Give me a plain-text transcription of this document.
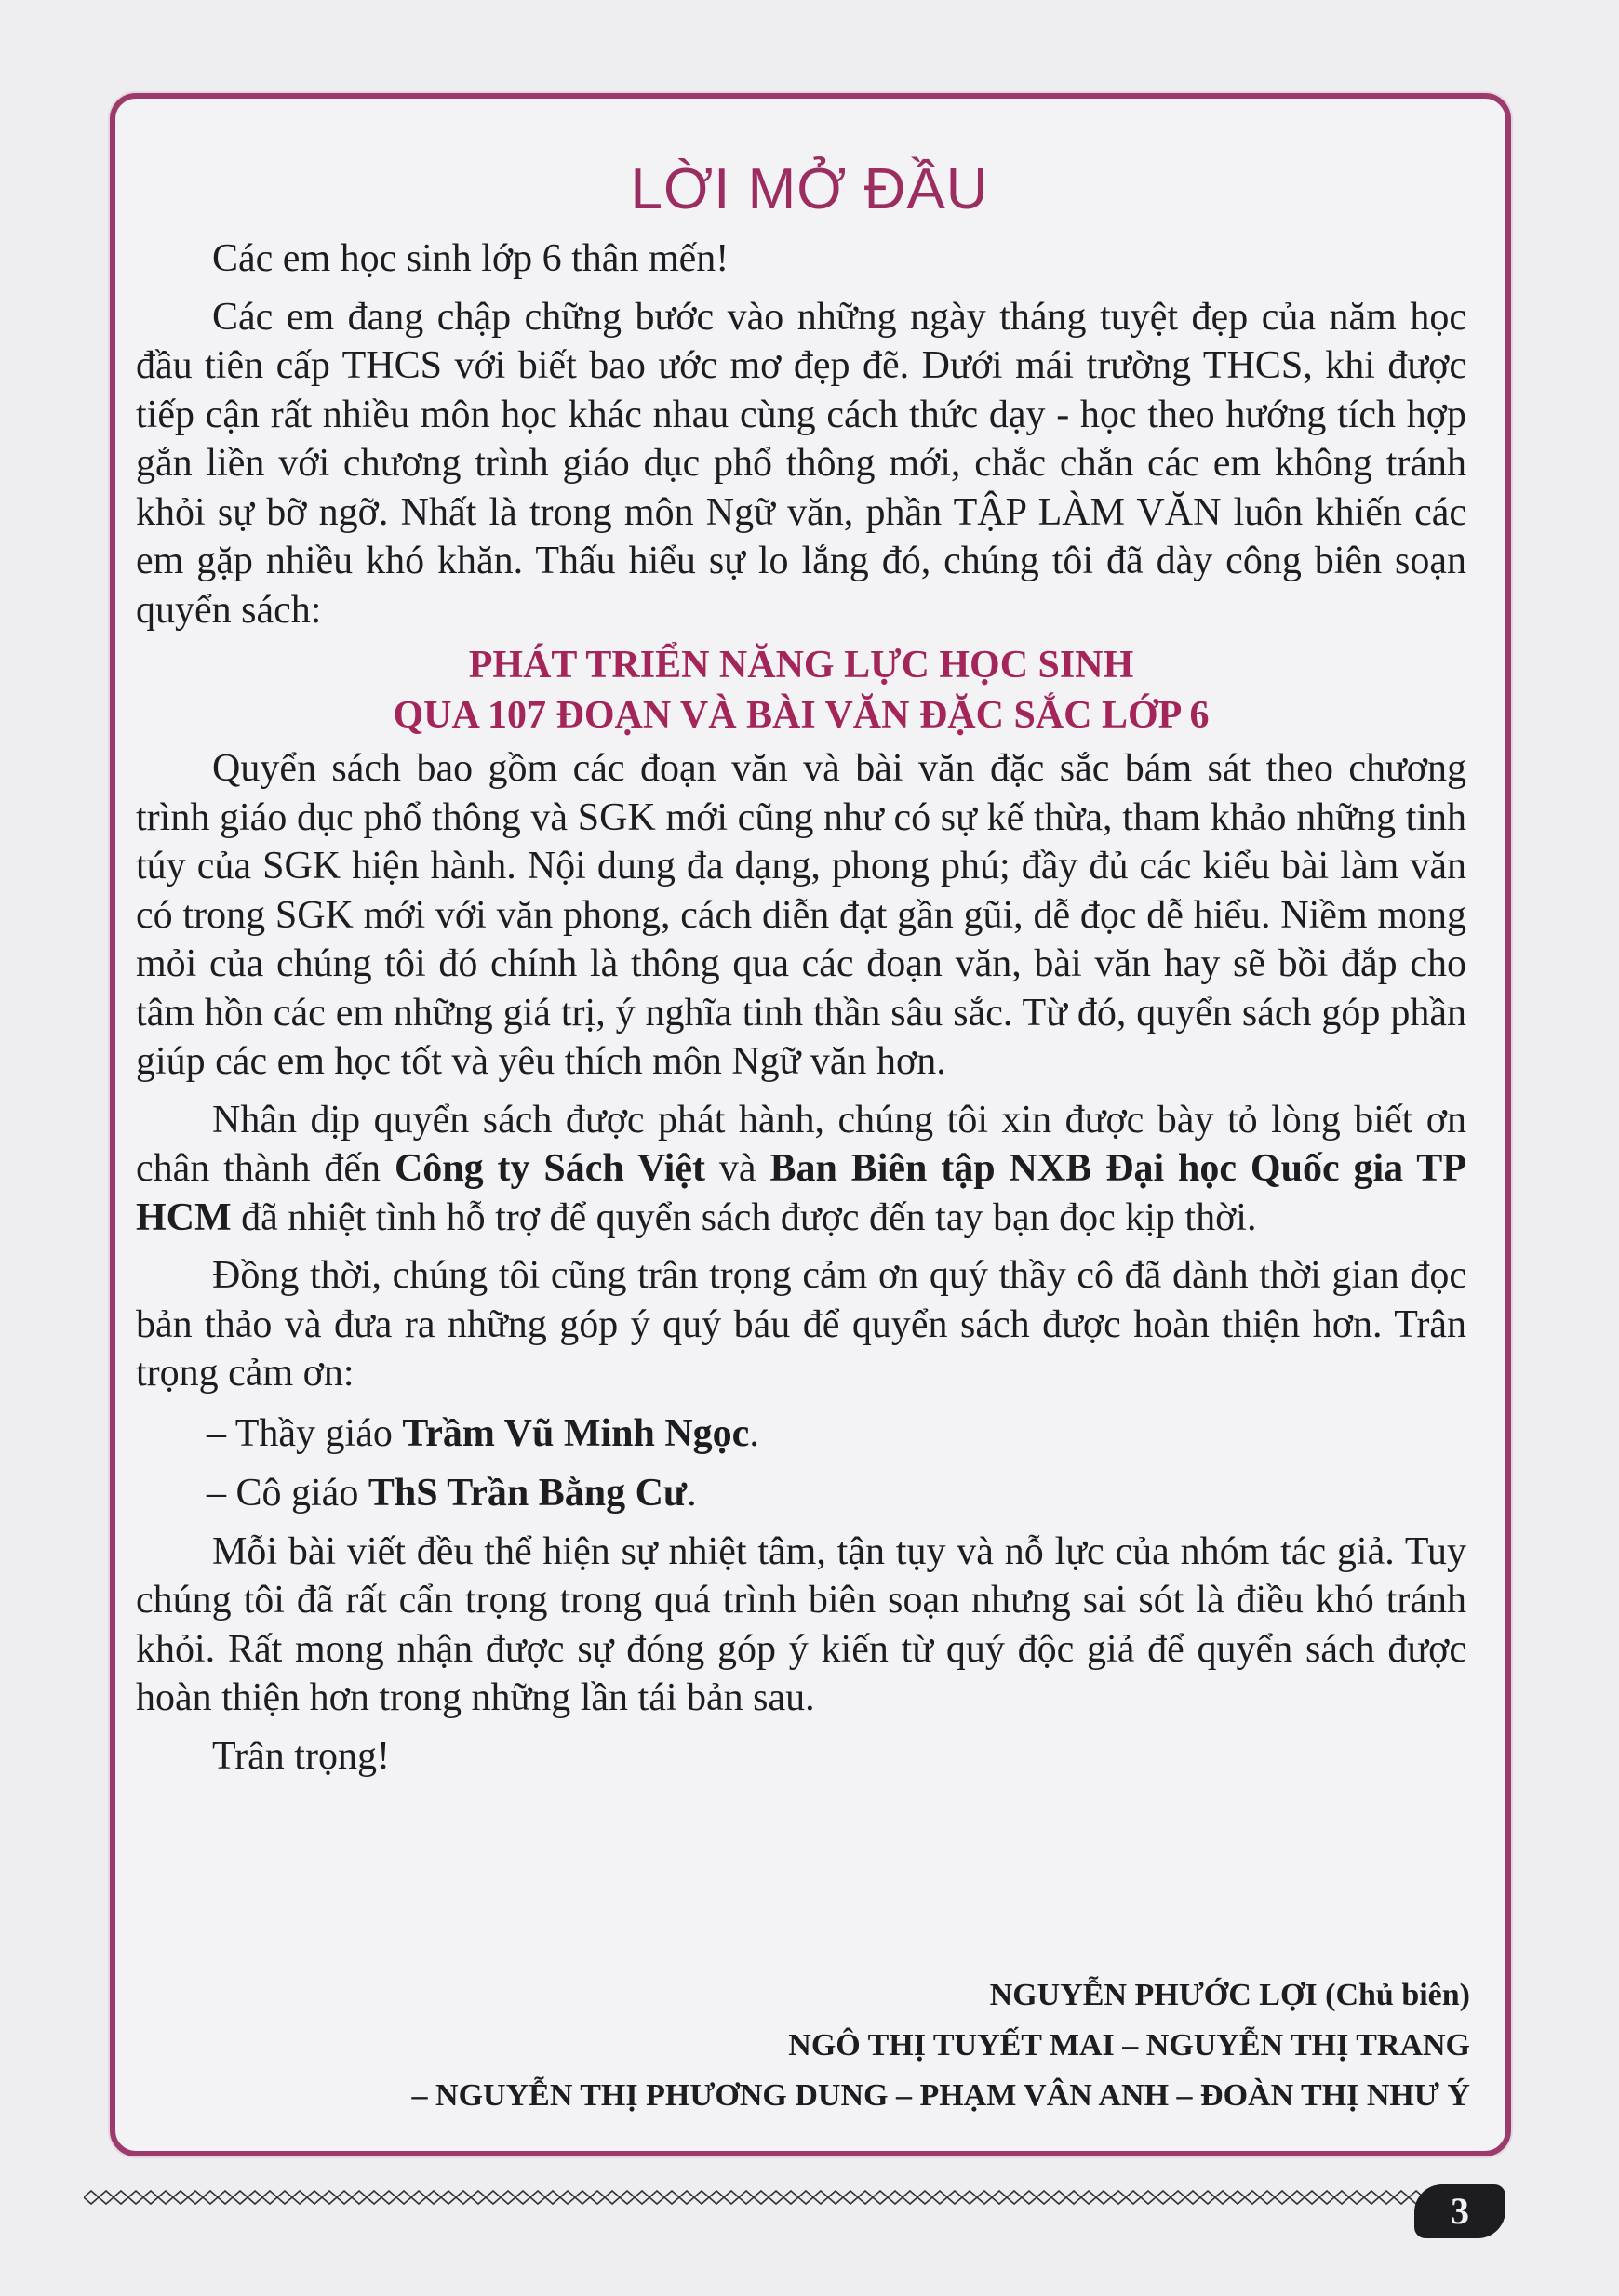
LỜI MỞ ĐẦU

Các em học sinh lớp 6 thân mến!

Các em đang chập chững bước vào những ngày tháng tuyệt đẹp của năm học đầu tiên cấp THCS với biết bao ước mơ đẹp đẽ. Dưới mái trường THCS, khi được tiếp cận rất nhiều môn học khác nhau cùng cách thức dạy - học theo hướng tích hợp gắn liền với chương trình giáo dục phổ thông mới, chắc chắn các em không tránh khỏi sự bỡ ngỡ. Nhất là trong môn Ngữ văn, phần TẬP LÀM VĂN luôn khiến các em gặp nhiều khó khăn. Thấu hiểu sự lo lắng đó, chúng tôi đã dày công biên soạn quyển sách:

PHÁT TRIỂN NĂNG LỰC HỌC SINH
QUA 107 ĐOẠN VÀ BÀI VĂN ĐẶC SẮC LỚP 6

Quyển sách bao gồm các đoạn văn và bài văn đặc sắc bám sát theo chương trình giáo dục phổ thông và SGK mới cũng như có sự kế thừa, tham khảo những tinh túy của SGK hiện hành. Nội dung đa dạng, phong phú; đầy đủ các kiểu bài làm văn có trong SGK mới với văn phong, cách diễn đạt gần gũi, dễ đọc dễ hiểu. Niềm mong mỏi của chúng tôi đó chính là thông qua các đoạn văn, bài văn hay sẽ bồi đắp cho tâm hồn các em những giá trị, ý nghĩa tinh thần sâu sắc. Từ đó, quyển sách góp phần giúp các em học tốt và yêu thích môn Ngữ văn hơn.

Nhân dịp quyển sách được phát hành, chúng tôi xin được bày tỏ lòng biết ơn chân thành đến Công ty Sách Việt và Ban Biên tập NXB Đại học Quốc gia TP HCM đã nhiệt tình hỗ trợ để quyển sách được đến tay bạn đọc kịp thời.

Đồng thời, chúng tôi cũng trân trọng cảm ơn quý thầy cô đã dành thời gian đọc bản thảo và đưa ra những góp ý quý báu để quyển sách được hoàn thiện hơn. Trân trọng cảm ơn:

– Thầy giáo Trầm Vũ Minh Ngọc.

– Cô giáo ThS Trần Bằng Cư.

Mỗi bài viết đều thể hiện sự nhiệt tâm, tận tụy và nỗ lực của nhóm tác giả. Tuy chúng tôi đã rất cẩn trọng trong quá trình biên soạn nhưng sai sót là điều khó tránh khỏi. Rất mong nhận được sự đóng góp ý kiến từ quý độc giả để quyển sách được hoàn thiện hơn trong những lần tái bản sau.

Trân trọng!

NGUYỄN PHƯỚC LỢI (Chủ biên)
NGÔ THỊ TUYẾT MAI – NGUYỄN THỊ TRANG
– NGUYỄN THỊ PHƯƠNG DUNG – PHẠM VÂN ANH – ĐOÀN THỊ NHƯ Ý
3
